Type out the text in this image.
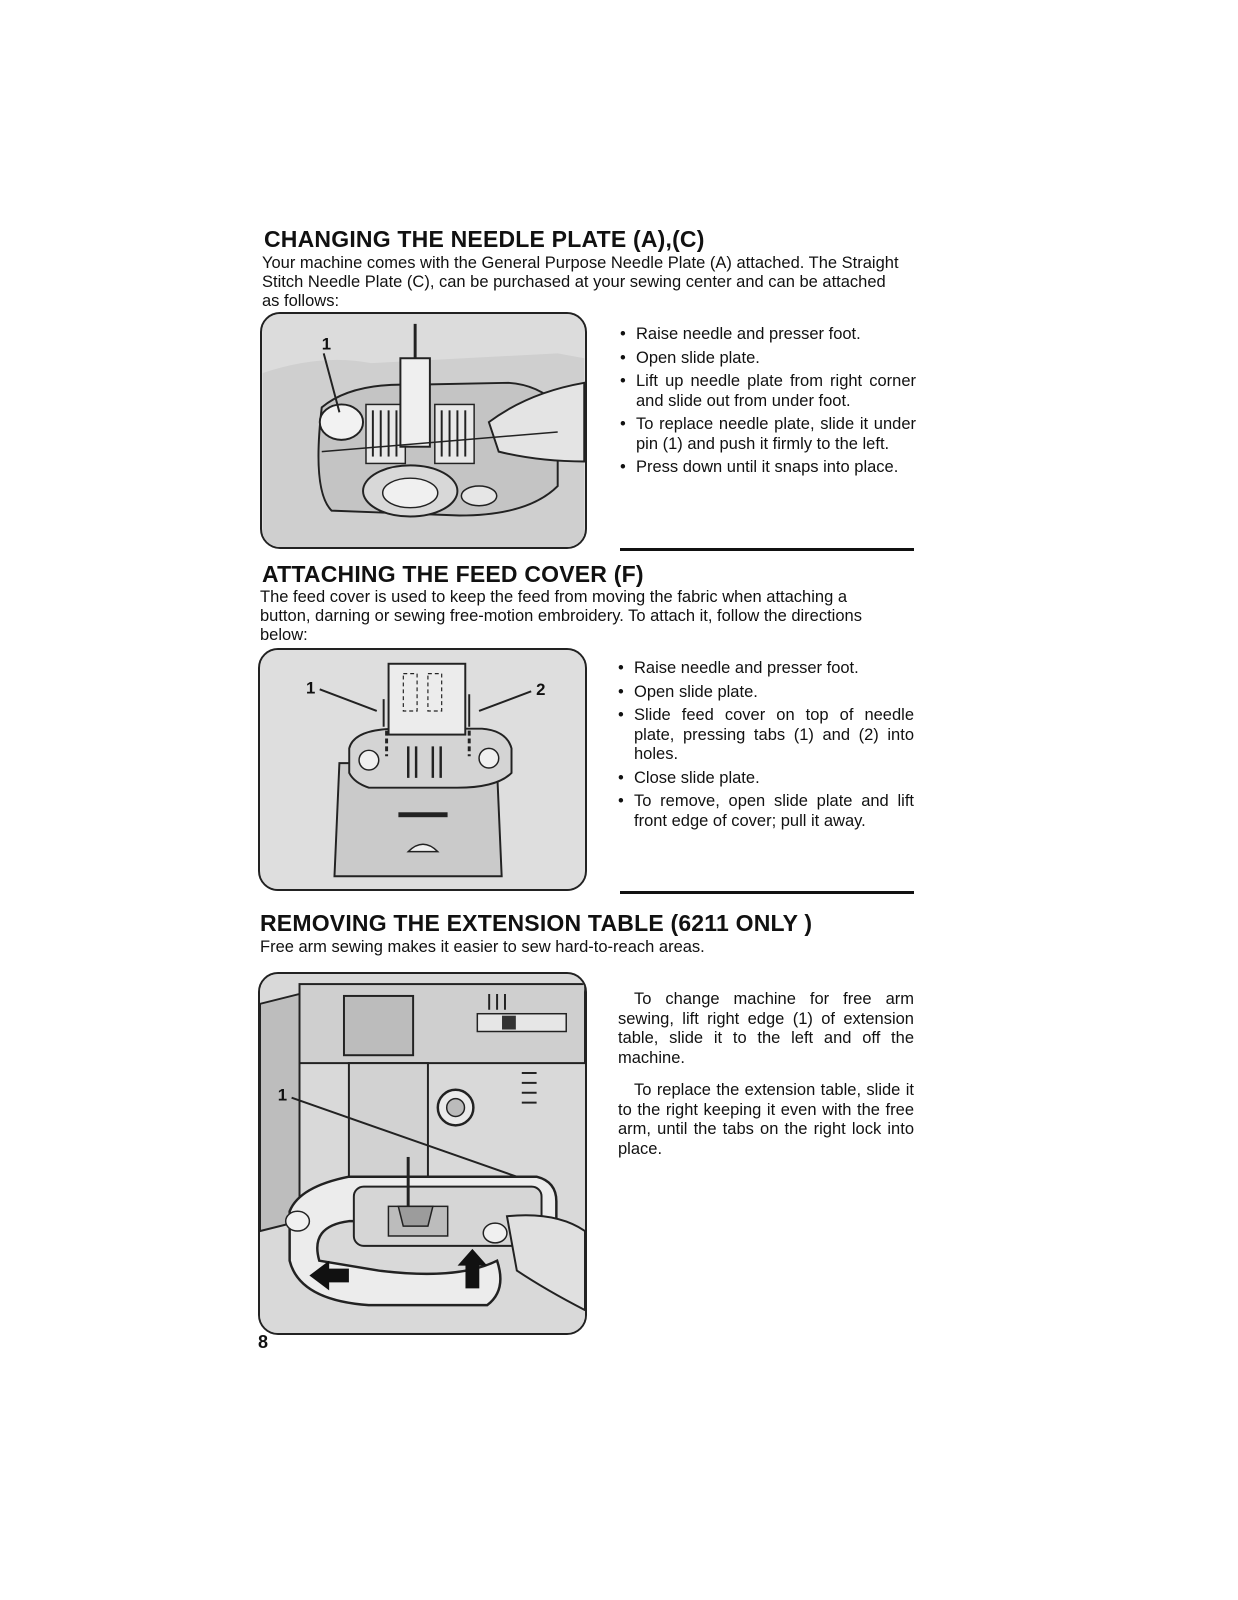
CHANGING THE NEEDLE PLATE (A),(C)
Your machine comes with the General Purpose Needle Plate (A) attached. The Straight Stitch Needle Plate (C), can be purchased at your sewing center and can be attached as follows:
1
• Raise needle and presser foot.
• Open slide plate.
• Lift up needle plate from right corner and slide out from under foot.
• To replace needle plate, slide it under pin (1) and push it firmly to the left.
• Press down until it snaps into place.
ATTACHING THE FEED COVER (F)
The feed cover is used to keep the feed from moving the fabric when attaching a button, darning or sewing free-motion embroidery. To attach it, follow the directions below:
1	2
• Raise needle and presser foot.
• Open slide plate.
• Slide feed cover on top of needle plate, pressing tabs (1) and (2) into holes.
• Close slide plate.
• To remove, open slide plate and lift front edge of cover; pull it away.
REMOVING THE EXTENSION TABLE (6211 ONLY )
Free arm sewing makes it easier to sew hard-to-reach areas.
1

To change machine for free arm sewing, lift right edge (1) of extension table, slide it to the left and off the machine.

To replace the extension table, slide it to the right keeping it even with the free arm, until the tabs on the right lock into place.

8
